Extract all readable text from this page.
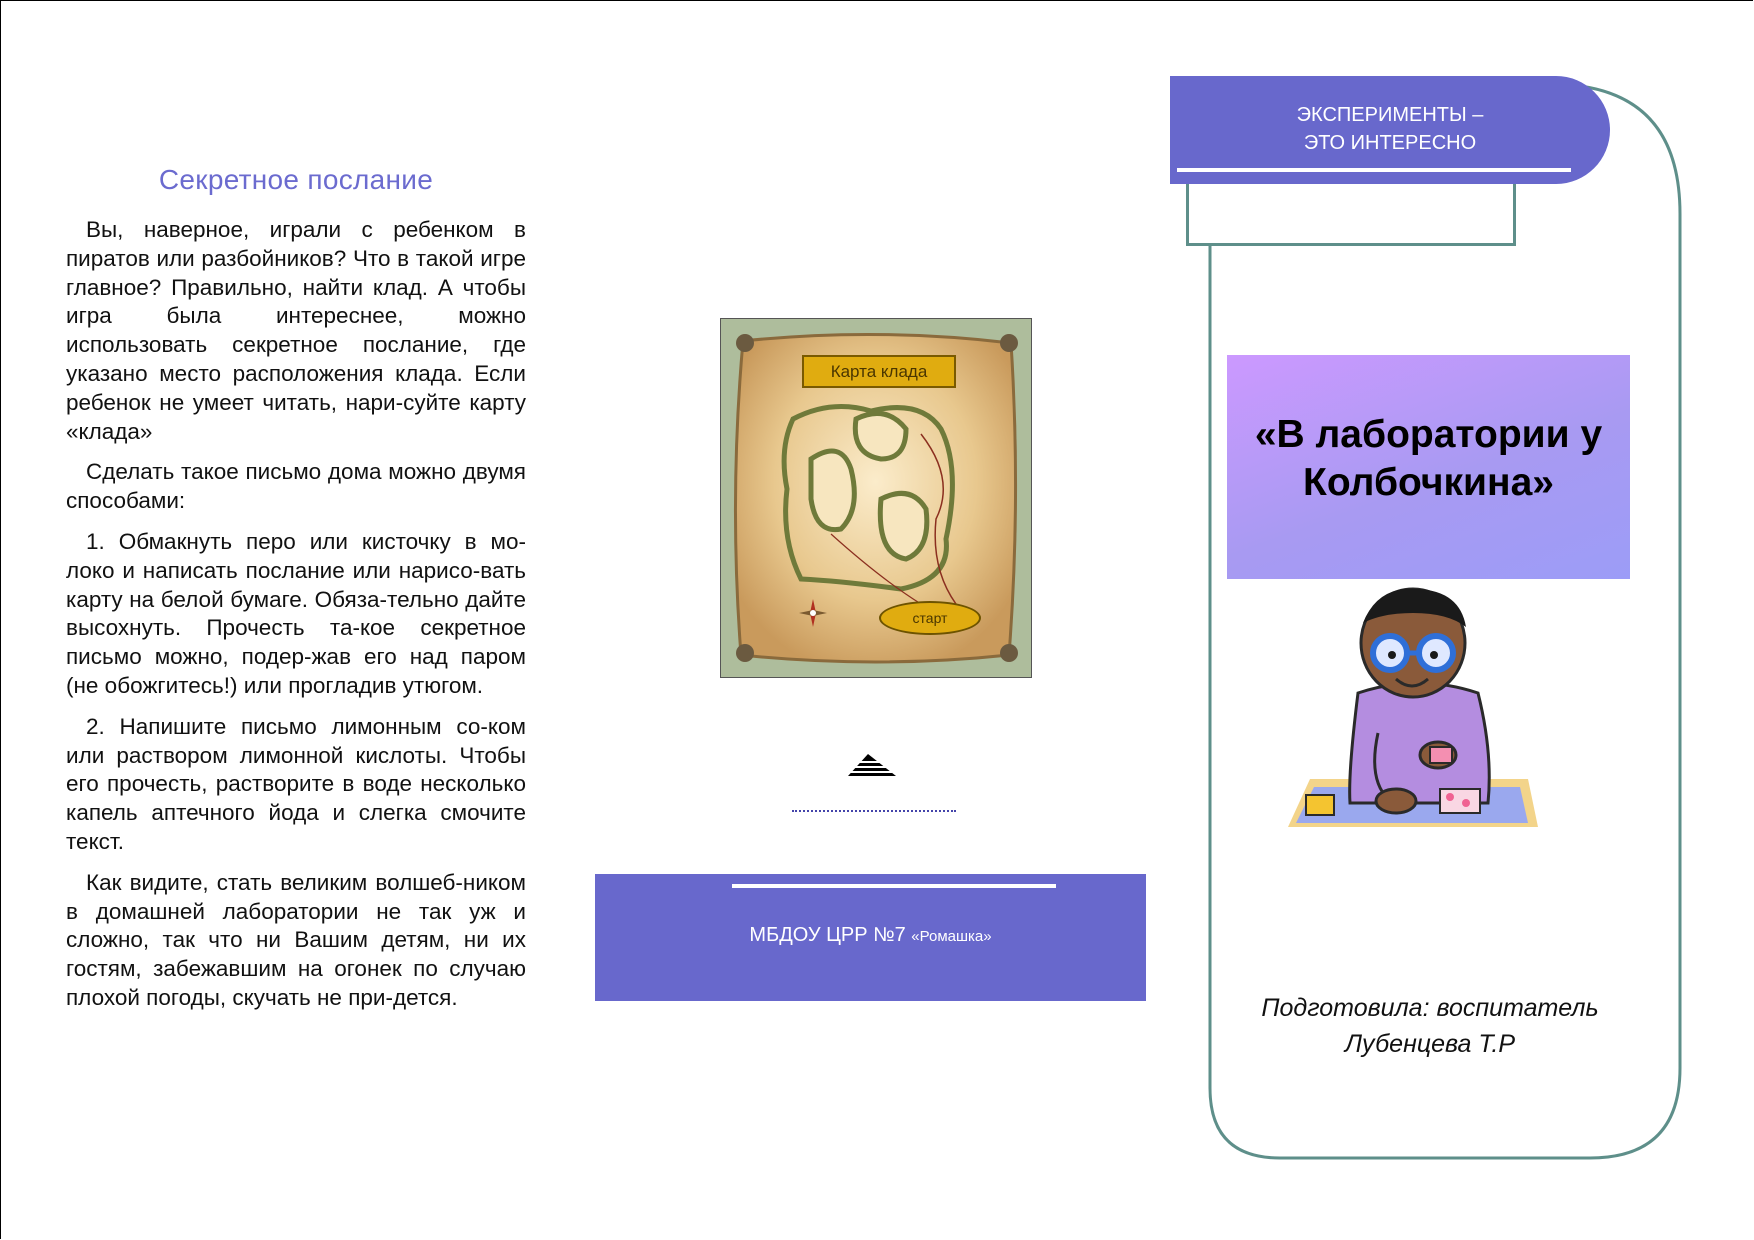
Секретное послание

Вы, наверное, играли с ребенком в пиратов или разбойников? Что в такой игре главное? Правильно, найти клад. А чтобы игра была интереснее, можно использовать секретное послание, где указано место расположения клада. Если ребенок не умеет читать, нари-суйте карту «клада»

Сделать такое письмо дома можно двумя способами:

1. Обмакнуть перо или кисточку в мо-локо и написать послание или нарисо-вать карту на белой бумаге. Обяза-тельно дайте высохнуть. Прочесть та-кое секретное письмо можно, подер-жав его над паром (не обожгитесь!) или прогладив утюгом.

2. Напишите письмо лимонным со-ком или раствором лимонной кислоты. Чтобы его прочесть, растворите в воде несколько капель аптечного йода и слегка смочите текст.

Как видите, стать великим волшеб-ником в домашней лаборатории не так уж и сложно, так что ни Вашим детям, ни их гостям, забежавшим на огонек по случаю плохой погоды, скучать не при-дется.

Карта клада
старт
МБДОУ ЦРР №7 «Ромашка»
ЭКСПЕРИМЕНТЫ –
ЭТО ИНТЕРЕСНО
«В лаборатории у
Колбочкина»
Подготовила: воспитатель
Лубенцева Т.Р
